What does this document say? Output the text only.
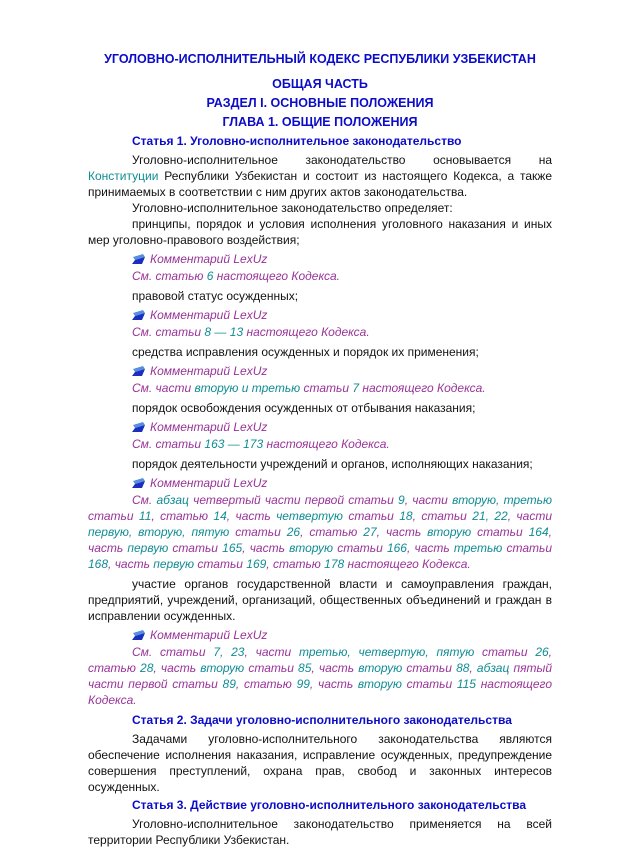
УГОЛОВНО-ИСПОЛНИТЕЛЬНЫЙ КОДЕКС РЕСПУБЛИКИ УЗБЕКИСТАН
ОБЩАЯ ЧАСТЬ
РАЗДЕЛ I. ОСНОВНЫЕ ПОЛОЖЕНИЯ
ГЛАВА 1. ОБЩИЕ ПОЛОЖЕНИЯ
Статья 1. Уголовно-исполнительное законодательство
Уголовно-исполнительное законодательство основывается на Конституции Республики Узбекистан и состоит из настоящего Кодекса, а также принимаемых в соответствии с ним других актов законодательства.
Уголовно-исполнительное законодательство определяет:
принципы, порядок и условия исполнения уголовного наказания и иных мер уголовно-правового воздействия;
Комментарий LexUz
См. статью 6 настоящего Кодекса.
правовой статус осужденных;
Комментарий LexUz
См. статьи 8 — 13 настоящего Кодекса.
средства исправления осужденных и порядок их применения;
Комментарий LexUz
См. части вторую и третью статьи 7 настоящего Кодекса.
порядок освобождения осужденных от отбывания наказания;
Комментарий LexUz
См. статьи 163 — 173 настоящего Кодекса.
порядок деятельности учреждений и органов, исполняющих наказания;
Комментарий LexUz
См. абзац четвертый части первой статьи 9, части вторую, третью статьи 11, статью 14, часть четвертую статьи 18, статьи 21, 22, части первую, вторую, пятую статьи 26, статью 27, часть вторую статьи 164, часть первую статьи 165, часть вторую статьи 166, часть третью статьи 168, часть первую статьи 169, статью 178 настоящего Кодекса.
участие органов государственной власти и самоуправления граждан, предприятий, учреждений, организаций, общественных объединений и граждан в исправлении осужденных.
Комментарий LexUz
См. статьи 7, 23, части третью, четвертую, пятую статьи 26, статью 28, часть вторую статьи 85, часть вторую статьи 88, абзац пятый части первой статьи 89, статью 99, часть вторую статьи 115 настоящего Кодекса.
Статья 2. Задачи уголовно-исполнительного законодательства
Задачами уголовно-исполнительного законодательства являются обеспечение исполнения наказания, исправление осужденных, предупреждение совершения преступлений, охрана прав, свобод и законных интересов осужденных.
Статья 3. Действие уголовно-исполнительного законодательства
Уголовно-исполнительное законодательство применяется на всей территории Республики Узбекистан.
